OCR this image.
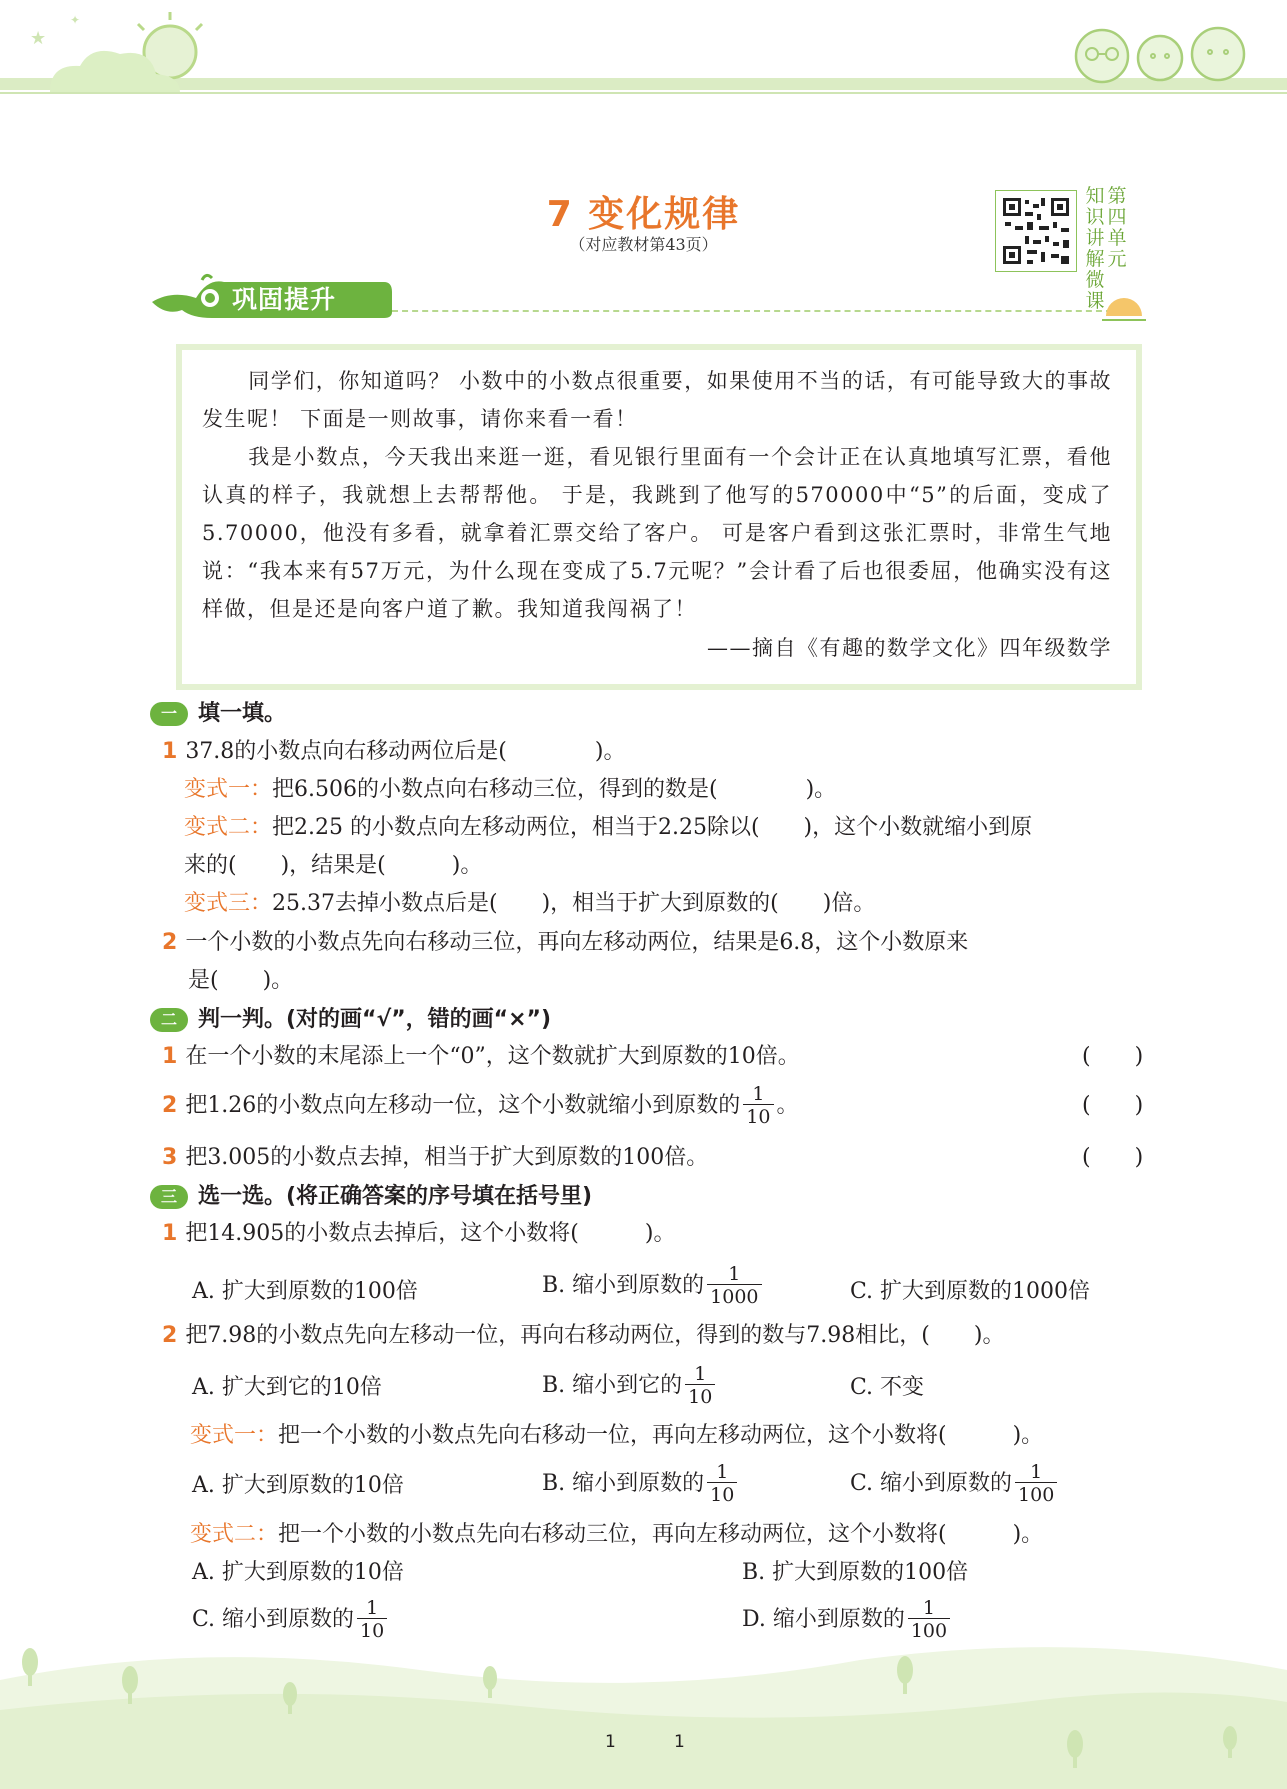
★
✦
7 变化规律
（对应教材第43页）
知识讲解微课第四单元
巩固提升
同学们，你知道吗？ 小数中的小数点很重要，如果使用不当的话，有可能导致大的事故发生呢！ 下面是一则故事，请你来看一看！
我是小数点，今天我出来逛一逛，看见银行里面有一个会计正在认真地填写汇票，看他认真的样子，我就想上去帮帮他。 于是，我跳到了他写的570000中“5”的后面，变成了5.70000，他没有多看，就拿着汇票交给了客户。 可是客户看到这张汇票时，非常生气地说：“我本来有57万元，为什么现在变成了5.7元呢？”会计看了后也很委屈，他确实没有这样做，但是还是向客户道了歉。我知道我闯祸了！
——摘自《有趣的数学文化》四年级数学
一 填一填。
1 37.8的小数点向右移动两位后是(　　　　)。
变式一：把6.506的小数点向右移动三位，得到的数是(　　　　)。
变式二：把2.25 的小数点向左移动两位，相当于2.25除以(　　)，这个小数就缩小到原
来的(　　)，结果是(　　　)。
变式三：25.37去掉小数点后是(　　)，相当于扩大到原数的(　　)倍。
2 一个小数的小数点先向右移动三位，再向左移动两位，结果是6.8，这个小数原来
是(　　)。
二 判一判。(对的画“√”，错的画“×”)
1 在一个小数的末尾添上一个“0”，这个数就扩大到原数的10倍。	(　　)
2 把1.26的小数点向左移动一位，这个小数就缩小到原数的 $\frac{1}{10}$ 。	(　　)
3 把3.005的小数点去掉，相当于扩大到原数的100倍。	(　　)
三 选一选。(将正确答案的序号填在括号里)
1 把14.905的小数点去掉后，这个小数将(　　　)。
A. 扩大到原数的100倍	B. 缩小到原数的 $\frac{1}{1000}$	C. 扩大到原数的1000倍
2 把7.98的小数点先向左移动一位，再向右移动两位，得到的数与7.98相比，(　　)。
A. 扩大到它的10倍	B. 缩小到它的 $\frac{1}{10}$	C. 不变
变式一：把一个小数的小数点先向右移动一位，再向左移动两位，这个小数将(　　　)。
A. 扩大到原数的10倍	B. 缩小到原数的 $\frac{1}{10}$	C. 缩小到原数的 $\frac{1}{100}$
变式二：把一个小数的小数点先向右移动三位，再向左移动两位，这个小数将(　　　)。
A. 扩大到原数的10倍	B. 扩大到原数的100倍
C. 缩小到原数的 $\frac{1}{10}$	D. 缩小到原数的 $\frac{1}{100}$
1	1
